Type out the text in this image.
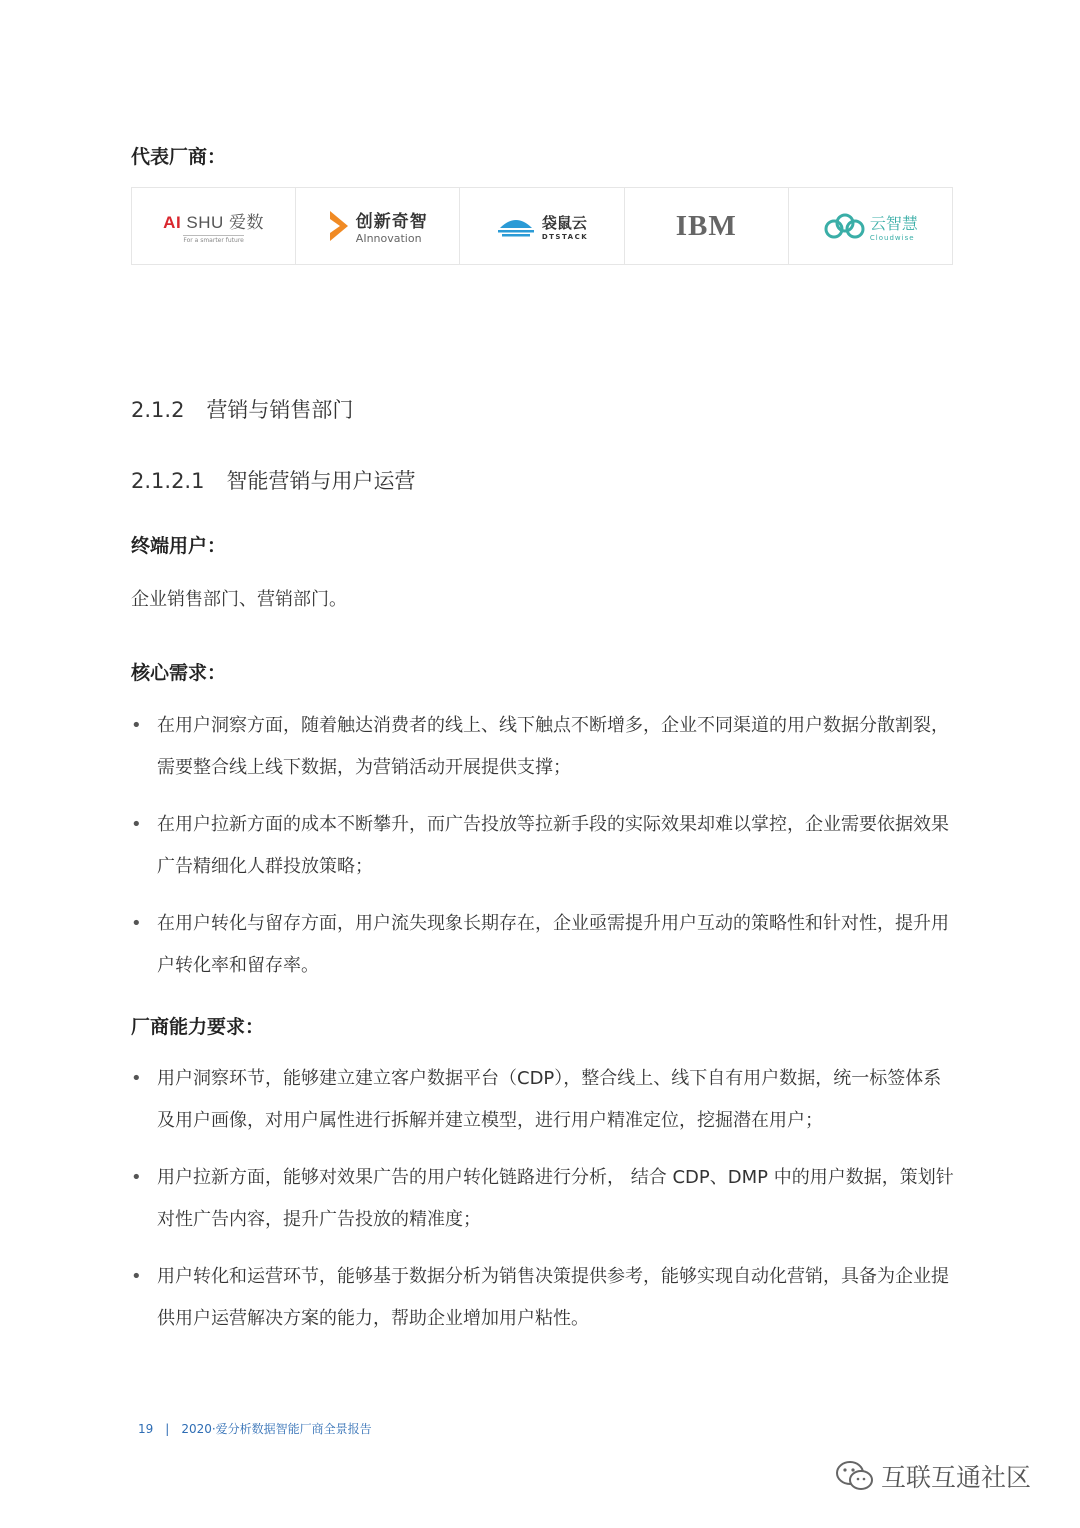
代表厂商：

AI SHU 爱数
For a smarter future
创新奇智
AInnovation
袋鼠云
DTSTACK	IBM	云智慧
Cloudwise
2.1.2 营销与销售部门
2.1.2.1 智能营销与用户运营

终端用户：

企业销售部门、营销部门。

核心需求：

• 在用户洞察方面，随着触达消费者的线上、线下触点不断增多，企业不同渠道的用户数据分散割裂，需要整合线上线下数据，为营销活动开展提供支撑；
• 在用户拉新方面的成本不断攀升，而广告投放等拉新手段的实际效果却难以掌控，企业需要依据效果广告精细化人群投放策略；
• 在用户转化与留存方面，用户流失现象长期存在，企业亟需提升用户互动的策略性和针对性，提升用户转化率和留存率。

厂商能力要求：

• 用户洞察环节，能够建立建立客户数据平台（CDP），整合线上、线下自有用户数据，统一标签体系及用户画像，对用户属性进行拆解并建立模型，进行用户精准定位，挖掘潜在用户；
• 用户拉新方面，能够对效果广告的用户转化链路进行分析， 结合 CDP、DMP 中的用户数据，策划针对性广告内容，提升广告投放的精准度；
• 用户转化和运营环节，能够基于数据分析为销售决策提供参考，能够实现自动化营销，具备为企业提供用户运营解决方案的能力，帮助企业增加用户粘性。
19 | 2020·爱分析数据智能厂商全景报告
互联互通社区
